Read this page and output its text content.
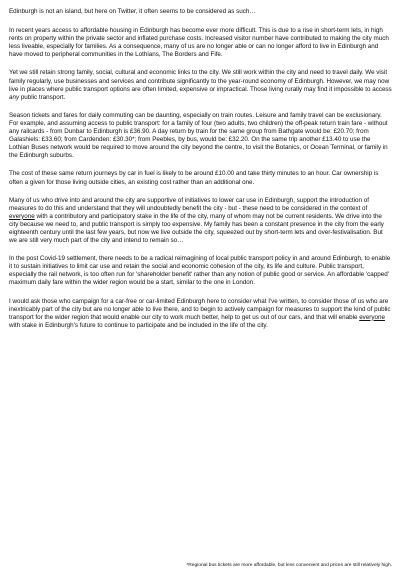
Edinburgh is not an island, but here on Twitter, it often seems to be considered as such…

In recent years access to affordable housing in Edinburgh has become ever more difficult. This is due to a rise in short-term lets, in high rents on property within the private sector and inflated purchase costs. Increased visitor number have contributed to making the city much less liveable, especially for families. As a consequence, many of us are no longer able or can no longer afford to live in Edinburgh and have moved to peripheral communities in the Lothians, The Borders and Fife.

Yet we still retain strong family, social, cultural and economic links to the city. We still work within the city and need to travel daily. We visit family regularly, use businesses and services and contribute significantly to the year-round economy of Edinburgh. However, we may now live in places where public transport options are often limited, expensive or impractical. Those living rurally may find it impossible to access any public transport.

Season tickets and fares for daily commuting can be daunting, especially on train routes. Leisure and family travel can be exclusionary. For example, and assuming access to public transport: for a family of four (two adults, two children) the off-peak return train fare - without any railcards - from Dunbar to Edinburgh is £36.90. A day return by train for the same group from Bathgate would be: £20.70; from Galashiels: £33.60; from Cardenden: £30.30*; from Peebles, by bus, would be: £32.20. On the same trip another £13.40 to use the Lothian Buses network would be required to move around the city beyond the centre, to visit the Botanics, or Ocean Terminal, or family in the Edinburgh suburbs.

The cost of these same return journeys by car in fuel is likely to be around £10.00 and take thirty minutes to an hour. Car ownership is often a given for those living outside cities, an existing cost rather than an additional one.

Many of us who drive into and around the city are supportive of initiatives to lower car use in Edinburgh, support the introduction of measures to do this and understand that they will undoubtedly benefit the city - but - these need to be considered in the context of everyone with a contributory and participatory stake in the life of the city, many of whom may not be current residents. We drive into the city because we need to, and public transport is simply too expensive. My family has been a constant presence in the city from the early eighteenth century until the last few years, but now we live outside the city, squeezed out by short-term lets and over-festivalisation. But we are still very much part of the city and intend to remain so…

In the post Covid-19 settlement, there needs to be a radical reimagining of local public transport policy in and around Edinburgh, to enable it to sustain initiatives to limit car use and retain the social and economic cohesion of the city, its life and culture. Public transport, especially the rail network, is too often run for 'shareholder benefit' rather than any notion of public good or service. An affordable 'capped' maximum daily fare within the wider region would be a start, similar to the one in London.

I would ask those who campaign for a car-free or car-limited Edinburgh here to consider what I've written, to consider those of us who are inextricably part of the city but are no longer able to live there, and to begin to actively campaign for measures to support the kind of public transport for the wider region that would enable our city to work much better, help to get us out of our cars, and that will enable everyone with stake in Edinburgh's future to continue to participate and be included in the life of the city.

*Regional bus tickets are more affordable, but less convenient and prices are still relatively high.
